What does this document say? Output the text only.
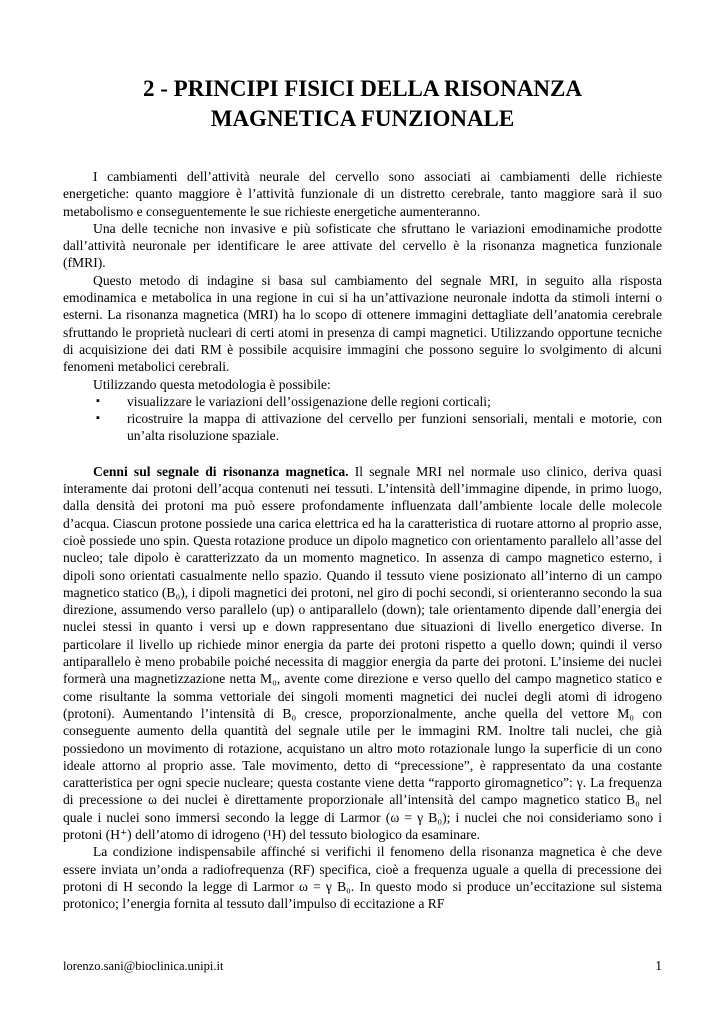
2 - PRINCIPI FISICI DELLA RISONANZA
MAGNETICA FUNZIONALE

I cambiamenti dell’attività neurale del cervello sono associati ai cambiamenti delle richieste energetiche: quanto maggiore è l’attività funzionale di un distretto cerebrale, tanto maggiore sarà il suo metabolismo e conseguentemente le sue richieste energetiche aumenteranno.

Una delle tecniche non invasive e più sofisticate che sfruttano le variazioni emodinamiche prodotte dall’attività neuronale per identificare le aree attivate del cervello è la risonanza magnetica funzionale (fMRI).

Questo metodo di indagine si basa sul cambiamento del segnale MRI, in seguito alla risposta emodinamica e metabolica in una regione in cui si ha un’attivazione neuronale indotta da stimoli interni o esterni. La risonanza magnetica (MRI) ha lo scopo di ottenere immagini dettagliate dell’anatomia cerebrale sfruttando le proprietà nucleari di certi atomi in presenza di campi magnetici. Utilizzando opportune tecniche di acquisizione dei dati RM è possibile acquisire immagini che possono seguire lo svolgimento di alcuni fenomeni metabolici cerebrali.

Utilizzando questa metodologia è possibile:

▪ visualizzare le variazioni dell’ossigenazione delle regioni corticali;
▪ ricostruire la mappa di attivazione del cervello per funzioni sensoriali, mentali e motorie, con un’alta risoluzione spaziale.

Cenni sul segnale di risonanza magnetica. Il segnale MRI nel normale uso clinico, deriva quasi interamente dai protoni dell’acqua contenuti nei tessuti. L’intensità dell’immagine dipende, in primo luogo, dalla densità dei protoni ma può essere profondamente influenzata dall’ambiente locale delle molecole d’acqua. Ciascun protone possiede una carica elettrica ed ha la caratteristica di ruotare attorno al proprio asse, cioè possiede uno spin. Questa rotazione produce un dipolo magnetico con orientamento parallelo all’asse del nucleo; tale dipolo è caratterizzato da un momento magnetico. In assenza di campo magnetico esterno, i dipoli sono orientati casualmente nello spazio. Quando il tessuto viene posizionato all’interno di un campo magnetico statico (B₀), i dipoli magnetici dei protoni, nel giro di pochi secondi, si orienteranno secondo la sua direzione, assumendo verso parallelo (up) o antiparallelo (down); tale orientamento dipende dall’energia dei nuclei stessi in quanto i versi up e down rappresentano due situazioni di livello energetico diverse. In particolare il livello up richiede minor energia da parte dei protoni rispetto a quello down; quindi il verso antiparallelo è meno probabile poiché necessita di maggior energia da parte dei protoni. L’insieme dei nuclei formerà una magnetizzazione netta M₀, avente come direzione e verso quello del campo magnetico statico e come risultante la somma vettoriale dei singoli momenti magnetici dei nuclei degli atomi di idrogeno (protoni). Aumentando l’intensità di B₀ cresce, proporzionalmente, anche quella del vettore M₀ con conseguente aumento della quantità del segnale utile per le immagini RM. Inoltre tali nuclei, che già possiedono un movimento di rotazione, acquistano un altro moto rotazionale lungo la superficie di un cono ideale attorno al proprio asse. Tale movimento, detto di “precessione”, è rappresentato da una costante caratteristica per ogni specie nucleare; questa costante viene detta “rapporto giromagnetico”: γ. La frequenza di precessione ω dei nuclei è direttamente proporzionale all’intensità del campo magnetico statico B₀ nel quale i nuclei sono immersi secondo la legge di Larmor (ω = γ B₀); i nuclei che noi consideriamo sono i protoni (H⁺) dell’atomo di idrogeno (¹H) del tessuto biologico da esaminare.

La condizione indispensabile affinché si verifichi il fenomeno della risonanza magnetica è che deve essere inviata un’onda a radiofrequenza (RF) specifica, cioè a frequenza uguale a quella di precessione dei protoni di H secondo la legge di Larmor ω = γ B₀. In questo modo si produce un’eccitazione sul sistema protonico; l’energia fornita al tessuto dall’impulso di eccitazione a RF

lorenzo.sani@bioclinica.unipi.it	1
